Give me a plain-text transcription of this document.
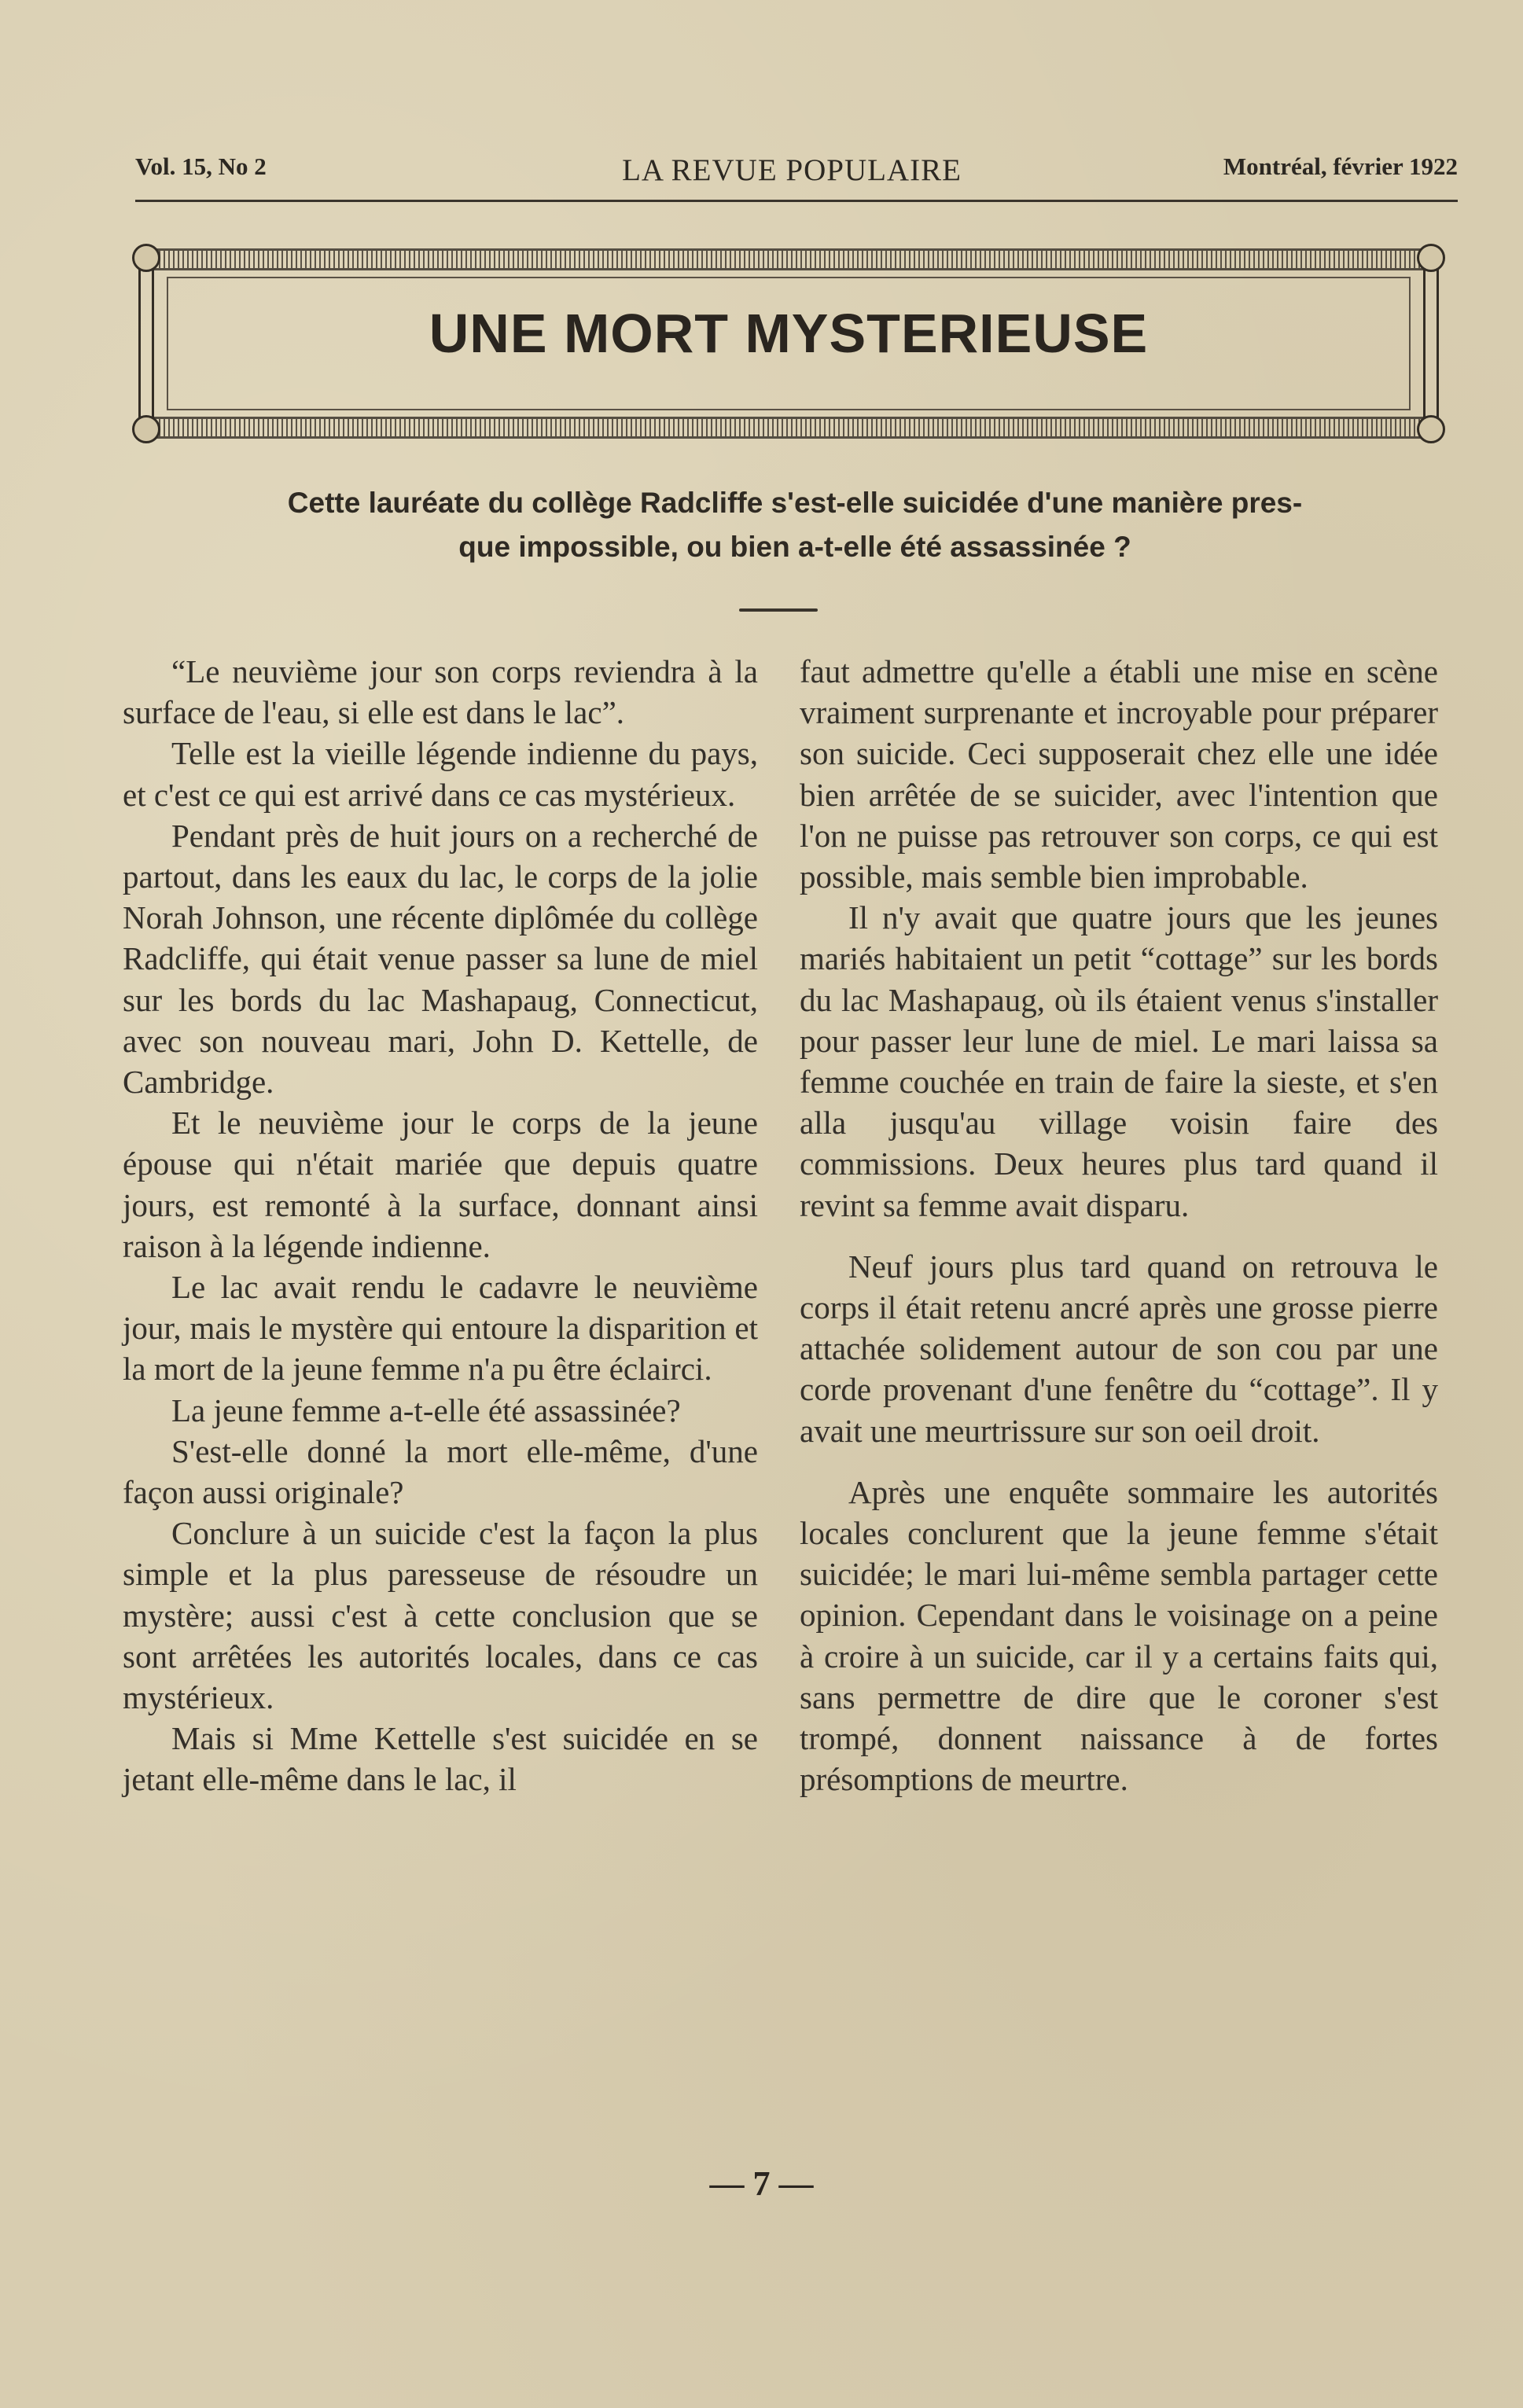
Vol. 15, No 2	LA REVUE POPULAIRE	Montréal, février 1922
UNE MORT MYSTERIEUSE
Cette lauréate du collège Radcliffe s'est-elle suicidée d'une manière pres-
que impossible, ou bien a-t-elle été assassinée ?

“Le neuvième jour son corps reviendra à la surface de l'eau, si elle est dans le lac”.

Telle est la vieille légende indienne du pays, et c'est ce qui est arrivé dans ce cas mystérieux.

Pendant près de huit jours on a recherché de partout, dans les eaux du lac, le corps de la jolie Norah Johnson, une récente diplômée du collège Radcliffe, qui était venue passer sa lune de miel sur les bords du lac Mashapaug, Connecticut, avec son nouveau mari, John D. Kettelle, de Cambridge.

Et le neuvième jour le corps de la jeune épouse qui n'était mariée que depuis quatre jours, est remonté à la surface, donnant ainsi raison à la légende indienne.

Le lac avait rendu le cadavre le neuvième jour, mais le mystère qui entoure la disparition et la mort de la jeune femme n'a pu être éclairci.

La jeune femme a-t-elle été assassinée?

S'est-elle donné la mort elle-même, d'une façon aussi originale?

Conclure à un suicide c'est la façon la plus simple et la plus paresseuse de résoudre un mystère; aussi c'est à cette conclusion que se sont arrêtées les autorités locales, dans ce cas mystérieux.

Mais si Mme Kettelle s'est suicidée en se jetant elle-même dans le lac, il

faut admettre qu'elle a établi une mise en scène vraiment surprenante et incroyable pour préparer son suicide. Ceci supposerait chez elle une idée bien arrêtée de se suicider, avec l'intention que l'on ne puisse pas retrouver son corps, ce qui est possible, mais semble bien improbable.

Il n'y avait que quatre jours que les jeunes mariés habitaient un petit “cottage” sur les bords du lac Mashapaug, où ils étaient venus s'installer pour passer leur lune de miel. Le mari laissa sa femme couchée en train de faire la sieste, et s'en alla jusqu'au village voisin faire des commissions. Deux heures plus tard quand il revint sa femme avait disparu.

Neuf jours plus tard quand on retrouva le corps il était retenu ancré après une grosse pierre attachée solidement autour de son cou par une corde provenant d'une fenêtre du “cottage”. Il y avait une meurtrissure sur son oeil droit.

Après une enquête sommaire les autorités locales conclurent que la jeune femme s'était suicidée; le mari lui-même sembla partager cette opinion. Cependant dans le voisinage on a peine à croire à un suicide, car il y a certains faits qui, sans permettre de dire que le coroner s'est trompé, donnent naissance à de fortes présomptions de meurtre.

— 7 —
